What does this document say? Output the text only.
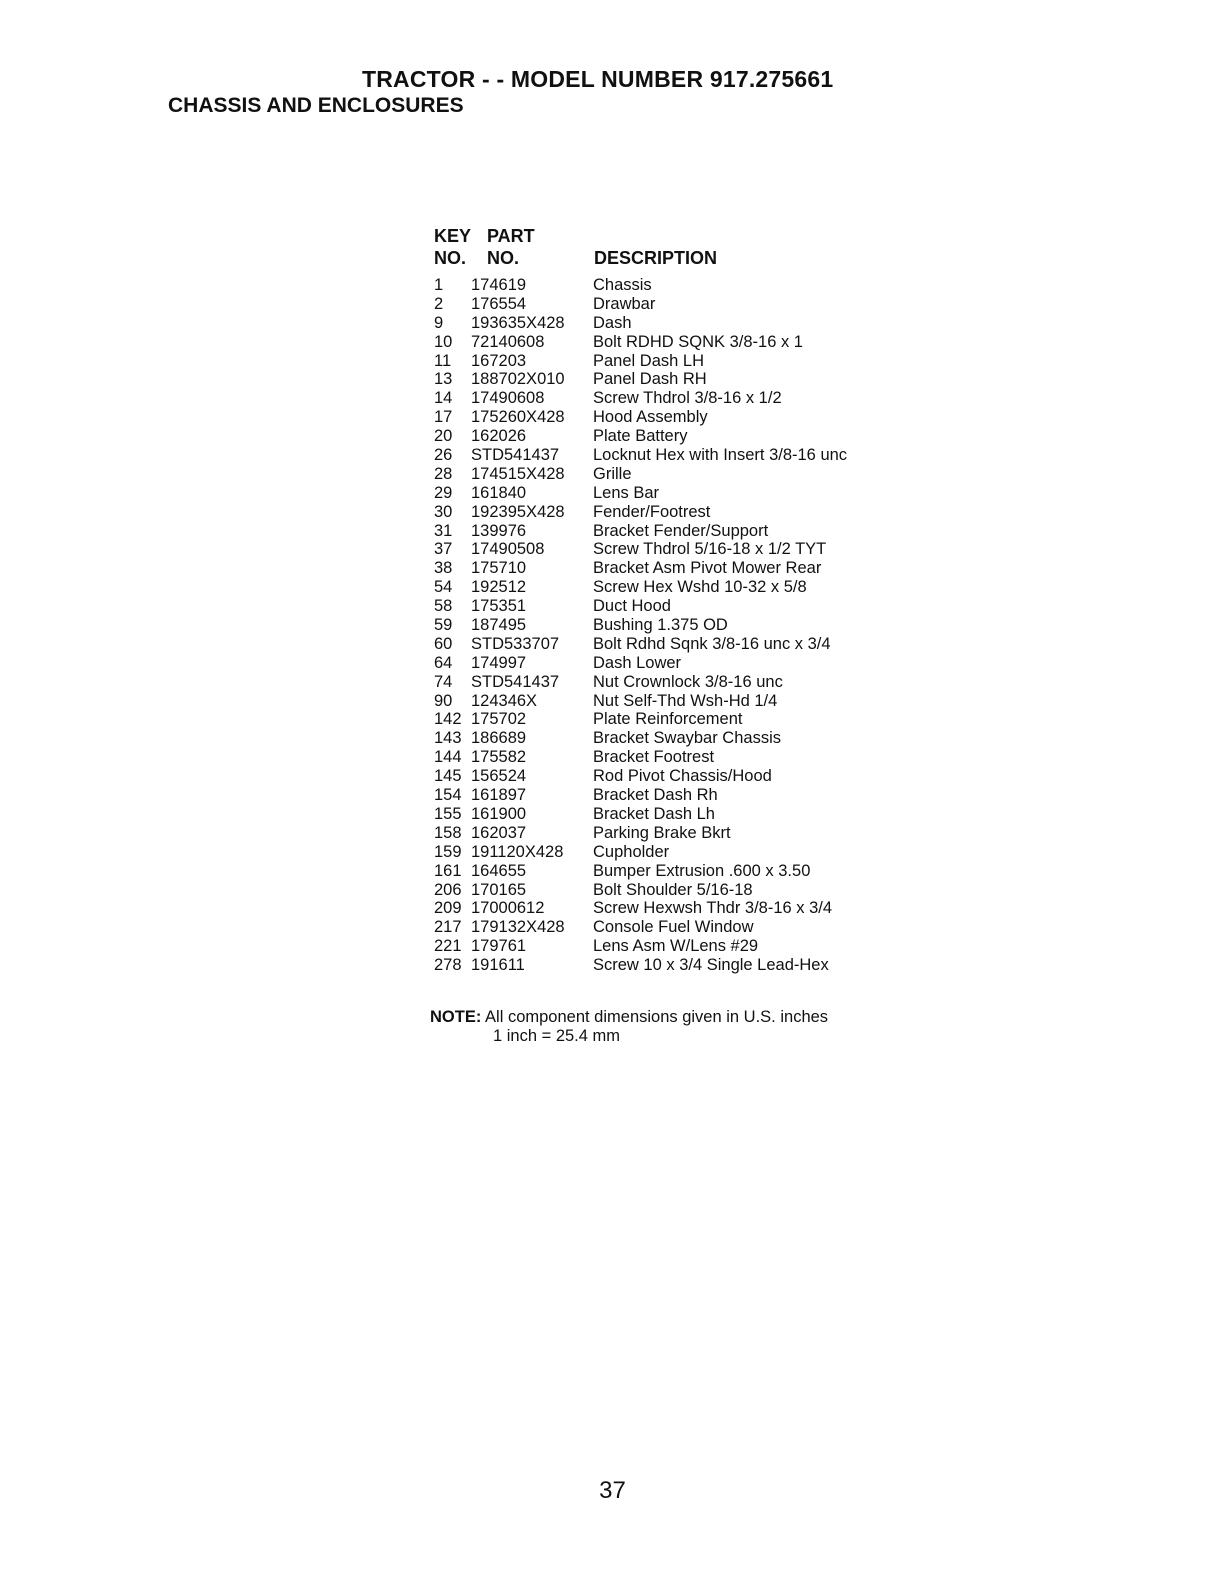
TRACTOR - - MODEL NUMBER 917.275661
CHASSIS AND ENCLOSURES
KEY PART
NO. NO.	DESCRIPTION
1 174619	Chassis
2 176554	Drawbar
9 193635X428 Dash
10 72140608	Bolt RDHD SQNK 3/8-16 x 1
11 167203	Panel Dash LH
13 188702X010 Panel Dash RH
14 17490608	Screw Thdrol 3/8-16 x 1/2
17 175260X428 Hood Assembly
20 162026	Plate Battery
26 STD541437 Locknut Hex with Insert 3/8-16 unc
28 174515X428 Grille
29 161840	Lens Bar
30 192395X428 Fender/Footrest
31 139976	Bracket Fender/Support
37 17490508	Screw Thdrol 5/16-18 x 1/2 TYT
38 175710	Bracket Asm Pivot Mower Rear
54 192512	Screw Hex Wshd 10-32 x 5/8
58 175351	Duct Hood
59 187495	Bushing 1.375 OD
60 STD533707 Bolt Rdhd Sqnk 3/8-16 unc x 3/4
64 174997	Dash Lower
74 STD541437 Nut Crownlock 3/8-16 unc
90 124346X	Nut Self-Thd Wsh-Hd 1/4
142 175702	Plate Reinforcement
143 186689	Bracket Swaybar Chassis
144 175582	Bracket Footrest
145 156524	Rod Pivot Chassis/Hood
154 161897	Bracket Dash Rh
155 161900	Bracket Dash Lh
158 162037	Parking Brake Bkrt
159 191120X428 Cupholder
161 164655	Bumper Extrusion .600 x 3.50
206 170165	Bolt Shoulder 5/16-18
209 17000612	Screw Hexwsh Thdr 3/8-16 x 3/4
217 179132X428 Console Fuel Window
221 179761	Lens Asm W/Lens #29
278 191611	Screw 10 x 3/4 Single Lead-Hex
NOTE: All component dimensions given in U.S. inches
1 inch = 25.4 mm
37
